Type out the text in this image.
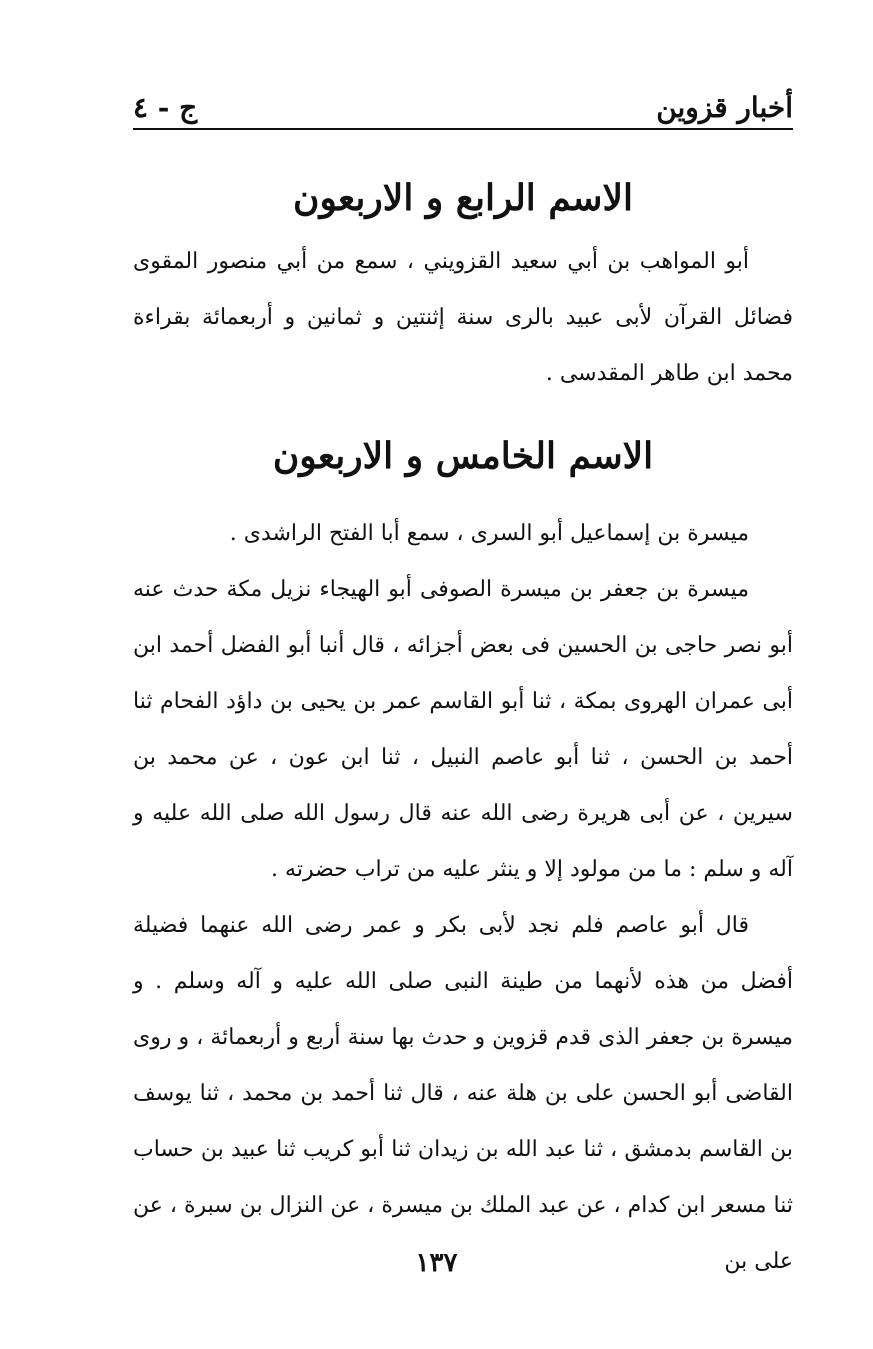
أخبار قزوين
ج - ٤
الاسم الرابع و الاربعون

أبو المواهب بن أبي سعيد القزويني ، سمع من أبي منصور المقوى فضائل القرآن لأبى عبيد بالرى سنة إثنتين و ثمانين و أربعمائة بقراءة محمد ابن طاهر المقدسى .

الاسم الخامس و الاربعون

ميسرة بن إسماعيل أبو السرى ، سمع أبا الفتح الراشدى .

ميسرة بن جعفر بن ميسرة الصوفى أبو الهيجاء نزيل مكة حدث عنه أبو نصر حاجى بن الحسين فى بعض أجزائه ، قال أنبا أبو الفضل أحمد ابن أبى عمران الهروى بمكة ، ثنا أبو القاسم عمر بن يحيى بن داؤد الفحام ثنا أحمد بن الحسن ، ثنا أبو عاصم النبيل ، ثنا ابن عون ، عن محمد بن سيرين ، عن أبى هريرة رضى الله عنه قال رسول الله صلى الله عليه و آله و سلم : ما من مولود إلا و ينثر عليه من تراب حضرته .

قال أبو عاصم فلم نجد لأبى بكر و عمر رضى الله عنهما فضيلة أفضل من هذه لأنهما من طينة النبى صلى الله عليه و آله وسلم . و ميسرة بن جعفر الذى قدم قزوين و حدث بها سنة أربع و أربعمائة ، و روى القاضى أبو الحسن على بن هلة عنه ، قال ثنا أحمد بن محمد ، ثنا يوسف بن القاسم بدمشق ، ثنا عبد الله بن زيدان ثنا أبو كريب ثنا عبيد بن حساب ثنا مسعر ابن كدام ، عن عبد الملك بن ميسرة ، عن النزال بن سبرة ، عن على بن

١٣٧
